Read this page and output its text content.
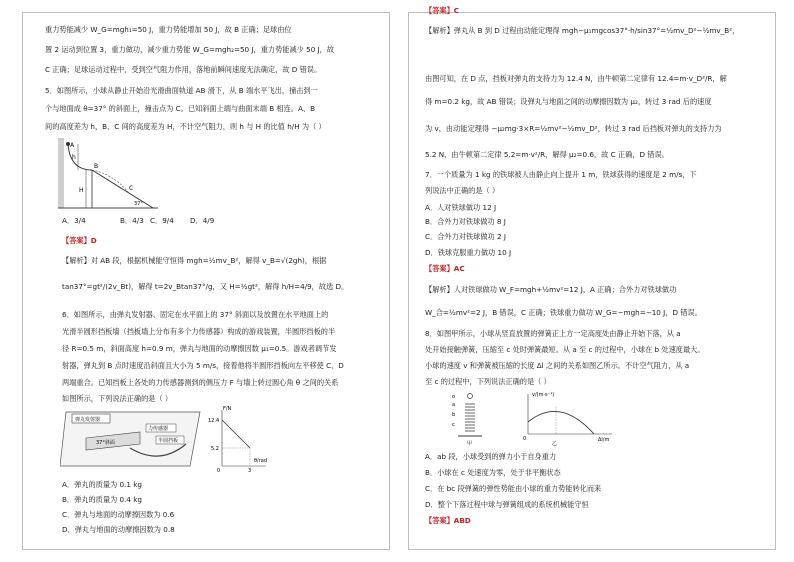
重力势能减少 W_G=mgh₁=50 J，重力势能增加 50 J，故 B 正确；足球由位
置 2 运动到位置 3，重力做功，减少重力势能 W_G=mgh₂=50 J，重力势能减少 50 J，故
C 正确；足球运动过程中，受到空气阻力作用，落地前瞬间速度无法确定，故 D 错误。
5．如图所示，小球从静止开始沿光滑曲面轨道 AB 滑下，从 B 端水平飞出，撞击到一
个与地面成 θ=37° 的斜面上，撞击点为 C。已知斜面上端与曲面末端 B 相连。A、B
间的高度差为 h，B、C 间的高度差为 H，不计空气阻力，则 h 与 H 的比值 h/H 为（ ）
A
B
C
h
H
37°
A．3/4	B．4/3 C．9/4 D．4/9
【答案】D
【解析】对 AB 段，根据机械能守恒得 mgh=½mv_B²，解得 v_B=√(2gh)，根据
tan37°=gt²/(2v_Bt)，解得 t=2v_Btan37°/g，又 H=½gt²，解得 h/H=4/9，故选 D。
6．如图所示，由弹丸发射器、固定在水平面上的 37° 斜面以及放置在水平地面上的
光滑半圆形挡板墙（挡板墙上分布有多个力传感器）构成的游戏装置，半圆形挡板的半
径 R=0.5 m，斜面高度 h=0.9 m，弹丸与地面的动摩擦因数 μ₁=0.5。游戏者调节发
射器，弹丸到 B 点时速度沿斜面且大小为 5 m/s，接着他将半圆形挡板向左平移使 C、D
两端重合。已知挡板上各处的力传感器测到的侧压力 F 与墙上转过圆心角 θ 之间的关系
如图所示，下列说法正确的是（ ）
弹丸发射器
37°斜面
力传感器
半圆挡板
F/N
12.4
5.2
0	3
θ/rad
A．弹丸的质量为 0.1 kg
B．弹丸的质量为 0.4 kg
C．弹丸与地面的动摩擦因数为 0.6
D．弹丸与地面的动摩擦因数为 0.8
【答案】C
【解析】弹丸从 B 到 D 过程由动能定理得 mgh−μ₁mgcos37°·h/sin37°=½mv_D²−½mv_B²，
由图可知，在 D 点，挡板对弹丸的支持力为 12.4 N，由牛顿第二定律有 12.4=m·v_D²/R，解
得 m=0.2 kg，故 AB 错误；设弹丸与地面之间的动摩擦因数为 μ₂，转过 3 rad 后的速度
为 v，由动能定理得 −μ₂mg·3×R=½mv²−½mv_D²，转过 3 rad 后挡板对弹丸的支持力为
5.2 N，由牛顿第二定律 5.2=m·v²/R，解得 μ₂=0.6，故 C 正确，D 错误。
7．一个质量为 1 kg 的铁球被人由静止向上提升 1 m，铁球获得的速度是 2 m/s，下
列说法中正确的是（ ）
A．人对铁球做功 12 J
B．合外力对铁球做功 8 J
C．合外力对铁球做功 2 J
D．铁球克服重力做功 10 J
【答案】AC
【解析】人对铁球做功 W_F=mgh+½mv²=12 J，A 正确；合外力对铁球做功
W_合=½mv²=2 J，B 错误，C 正确；铁球重力做功 W_G=−mgh=−10 J，D 错误。
8．如图甲所示，小球从竖直放置的弹簧正上方一定高度处由静止开始下落，从 a
处开始接触弹簧，压缩至 c 处时弹簧最短。从 a 至 c 的过程中，小球在 b 处速度最大。
小球的速度 v 和弹簧被压缩的长度 Δl 之间的关系如图乙所示。不计空气阻力，从 a
至 c 的过程中，下列说法正确的是（ ）
o
a
b
c
甲
v/(m·s⁻¹)
Δl/m
0
乙
A．ab 段，小球受到的弹力小于自身重力
B．小球在 c 处速度为零，处于非平衡状态
C．在 bc 段弹簧的弹性势能由小球的重力势能转化而来
D．整个下落过程中球与弹簧组成的系统机械能守恒
【答案】ABD
